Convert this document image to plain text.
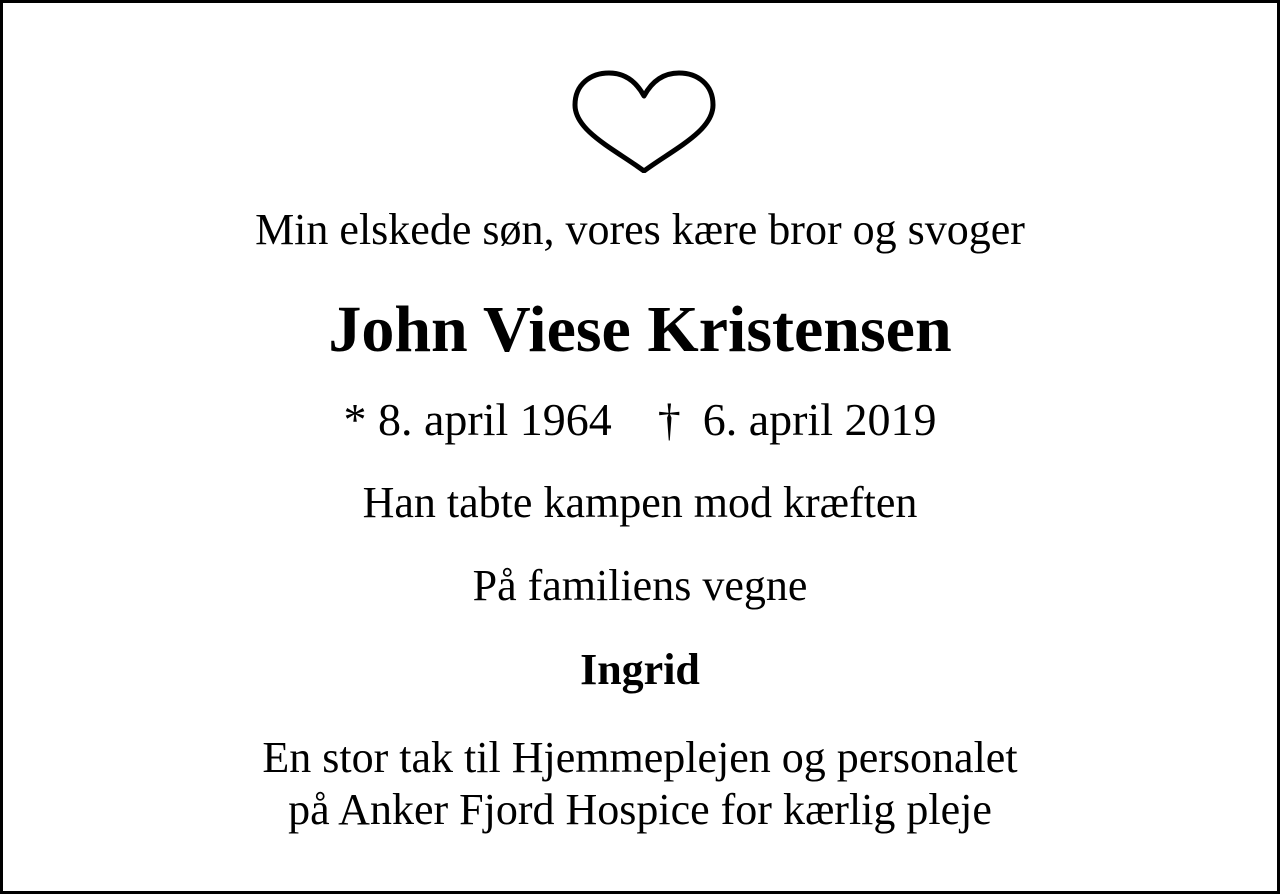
Min elskede søn, vores kære bror og svoger
John Viese Kristensen
* 8. april 1964 † 6. april 2019
Han tabte kampen mod kræften
På familiens vegne
Ingrid
En stor tak til Hjemmeplejen og personalet
på Anker Fjord Hospice for kærlig pleje
